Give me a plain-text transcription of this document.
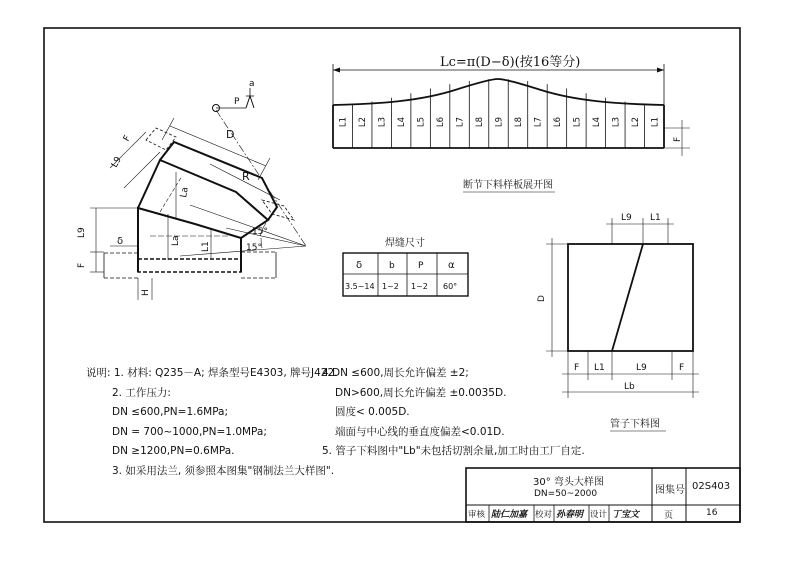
Lc=π(D−δ)(按16等分)
L1 L2 L3 L4 L5 L6 L7 L8 L9 L8 L7 L6 L5 L4 L3 L2 L1
F
断节下料样板展开图
a
P
D
R
F
L9
La
La
L1
δ
H
F
L9	15°
15°	焊缝尺寸
δ	b	P α
3.5~14 1~2 1~2 60°
L9 L1
D
F L1	L9	F
Lb
管子下料图
说明: 1. 材料: Q235－A; 焊条型号E4303, 牌号J422.
2. 工作压力:
DN ≤600,PN=1.6MPa;
DN = 700~1000,PN=1.0MPa;
DN ≥1200,PN=0.6MPa.
3. 如采用法兰, 须参照本图集"钢制法兰大样图".
4.DN ≤600,周长允许偏差 ±2;
DN>600,周长允许偏差 ±0.0035D.
圆度< 0.005D.
端面与中心线的垂直度偏差<0.01D.
5. 管子下料图中"Lb"未包括切割余量,加工时由工厂自定.
30° 弯头大样图
DN=50~2000	图集号 02S403
审核 陆仁加嘉 校对 孙春明 设计 丁宝文	页	16
